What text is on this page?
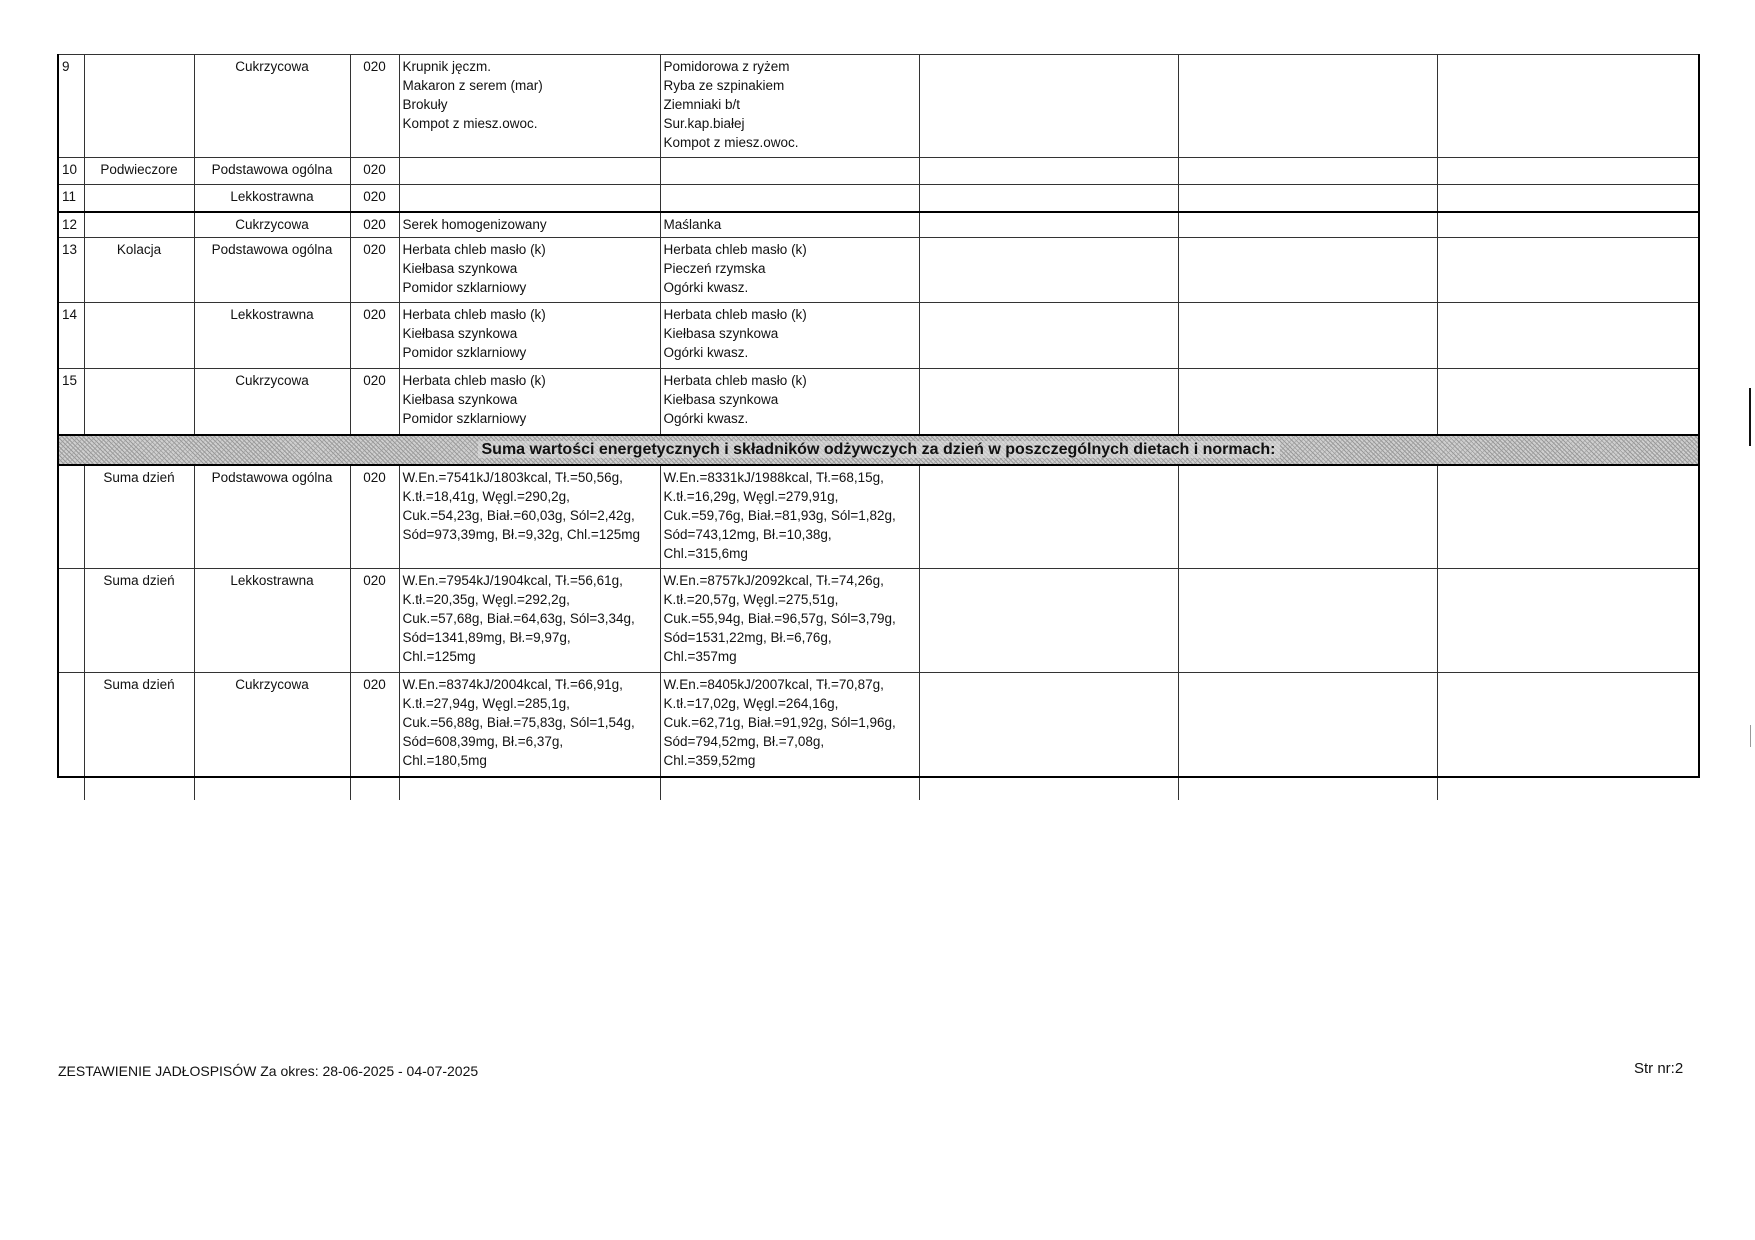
9		Cukrzycowa	020	Krupnik jęczm.
Makaron z serem (mar)
Brokuły
Kompot z miesz.owoc.	Pomidorowa z ryżem
Ryba ze szpinakiem
Ziemniaki b/t
Sur.kap.białej
Kompot z miesz.owoc.			

10	Podwieczore	Podstawowa ogólna	020					
11		Lekkostrawna	020					
12		Cukrzycowa	020	Serek homogenizowany	Maślanka			

13	Kolacja	Podstawowa ogólna	020	Herbata chleb masło (k)
Kiełbasa szynkowa
Pomidor szklarniowy	Herbata chleb masło (k)
Pieczeń rzymska
Ogórki kwasz.			

14		Lekkostrawna	020	Herbata chleb masło (k)
Kiełbasa szynkowa
Pomidor szklarniowy	Herbata chleb masło (k)
Kiełbasa szynkowa
Ogórki kwasz.			

15		Cukrzycowa	020	Herbata chleb masło (k)
Kiełbasa szynkowa
Pomidor szklarniowy	Herbata chleb masło (k)
Kiełbasa szynkowa
Ogórki kwasz.			

Suma wartości energetycznych i składników odżywczych za dzień w poszczególnych dietach i normach:								
	Suma dzień	Podstawowa ogólna	020	W.En.=7541kJ/1803kcal, Tł.=50,56g,
K.tł.=18,41g, Węgl.=290,2g,
Cuk.=54,23g, Biał.=60,03g, Sól=2,42g,
Sód=973,39mg, Bł.=9,32g, Chl.=125mg	W.En.=8331kJ/1988kcal, Tł.=68,15g,
K.tł.=16,29g, Węgl.=279,91g,
Cuk.=59,76g, Biał.=81,93g, Sól=1,82g,
Sód=743,12mg, Bł.=10,38g,
Chl.=315,6mg			

	Suma dzień	Lekkostrawna	020	W.En.=7954kJ/1904kcal, Tł.=56,61g,
K.tł.=20,35g, Węgl.=292,2g,
Cuk.=57,68g, Biał.=64,63g, Sól=3,34g,
Sód=1341,89mg, Bł.=9,97g,
Chl.=125mg	W.En.=8757kJ/2092kcal, Tł.=74,26g,
K.tł.=20,57g, Węgl.=275,51g,
Cuk.=55,94g, Biał.=96,57g, Sól=3,79g,
Sód=1531,22mg, Bł.=6,76g,
Chl.=357mg			

	Suma dzień	Cukrzycowa	020	W.En.=8374kJ/2004kcal, Tł.=66,91g,
K.tł.=27,94g, Węgl.=285,1g,
Cuk.=56,88g, Biał.=75,83g, Sól=1,54g,
Sód=608,39mg, Bł.=6,37g,
Chl.=180,5mg	W.En.=8405kJ/2007kcal, Tł.=70,87g,
K.tł.=17,02g, Węgl.=264,16g,
Cuk.=62,71g, Biał.=91,92g, Sól=1,96g,
Sód=794,52mg, Bł.=7,08g,
Chl.=359,52mg			

ZESTAWIENIE JADŁOSPISÓW Za okres: 28-06-2025 - 04-07-2025	Str nr:2
